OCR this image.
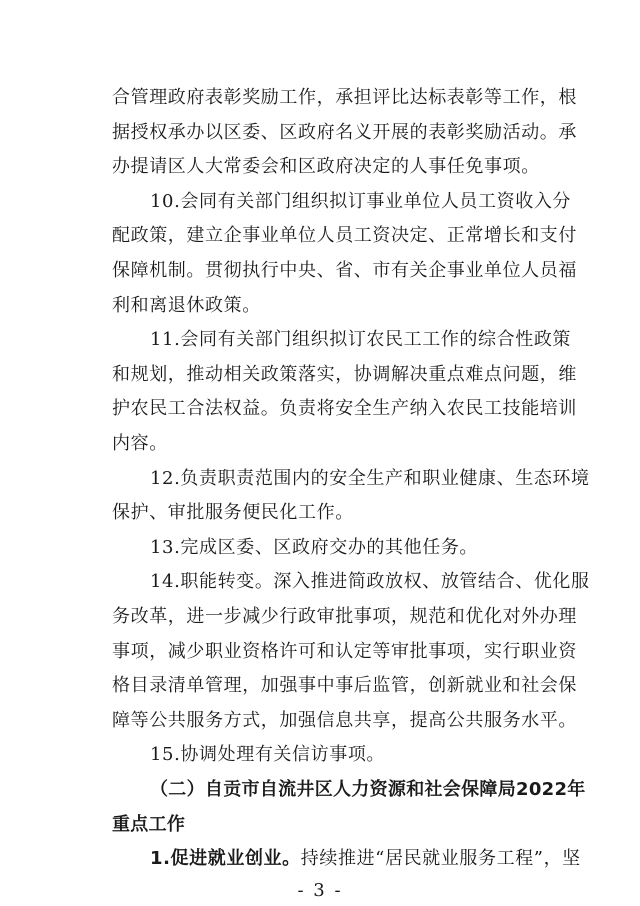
合管理政府表彰奖励工作，承担评比达标表彰等工作，根
据授权承办以区委、区政府名义开展的表彰奖励活动。承
办提请区人大常委会和区政府决定的人事任免事项。
10.会同有关部门组织拟订事业单位人员工资收入分
配政策，建立企事业单位人员工资决定、正常增长和支付
保障机制。贯彻执行中央、省、市有关企事业单位人员福
利和离退休政策。
11.会同有关部门组织拟订农民工工作的综合性政策
和规划，推动相关政策落实，协调解决重点难点问题，维
护农民工合法权益。负责将安全生产纳入农民工技能培训
内容。
12.负责职责范围内的安全生产和职业健康、生态环境
保护、审批服务便民化工作。
13.完成区委、区政府交办的其他任务。
14.职能转变。深入推进简政放权、放管结合、优化服
务改革，进一步减少行政审批事项，规范和优化对外办理
事项，减少职业资格许可和认定等审批事项，实行职业资
格目录清单管理，加强事中事后监管，创新就业和社会保
障等公共服务方式，加强信息共享，提高公共服务水平。
15.协调处理有关信访事项。
（二）自贡市自流井区人力资源和社会保障局2022年
- 3 -
重点工作
1.促进就业创业。持续推进“居民就业服务工程”，坚
